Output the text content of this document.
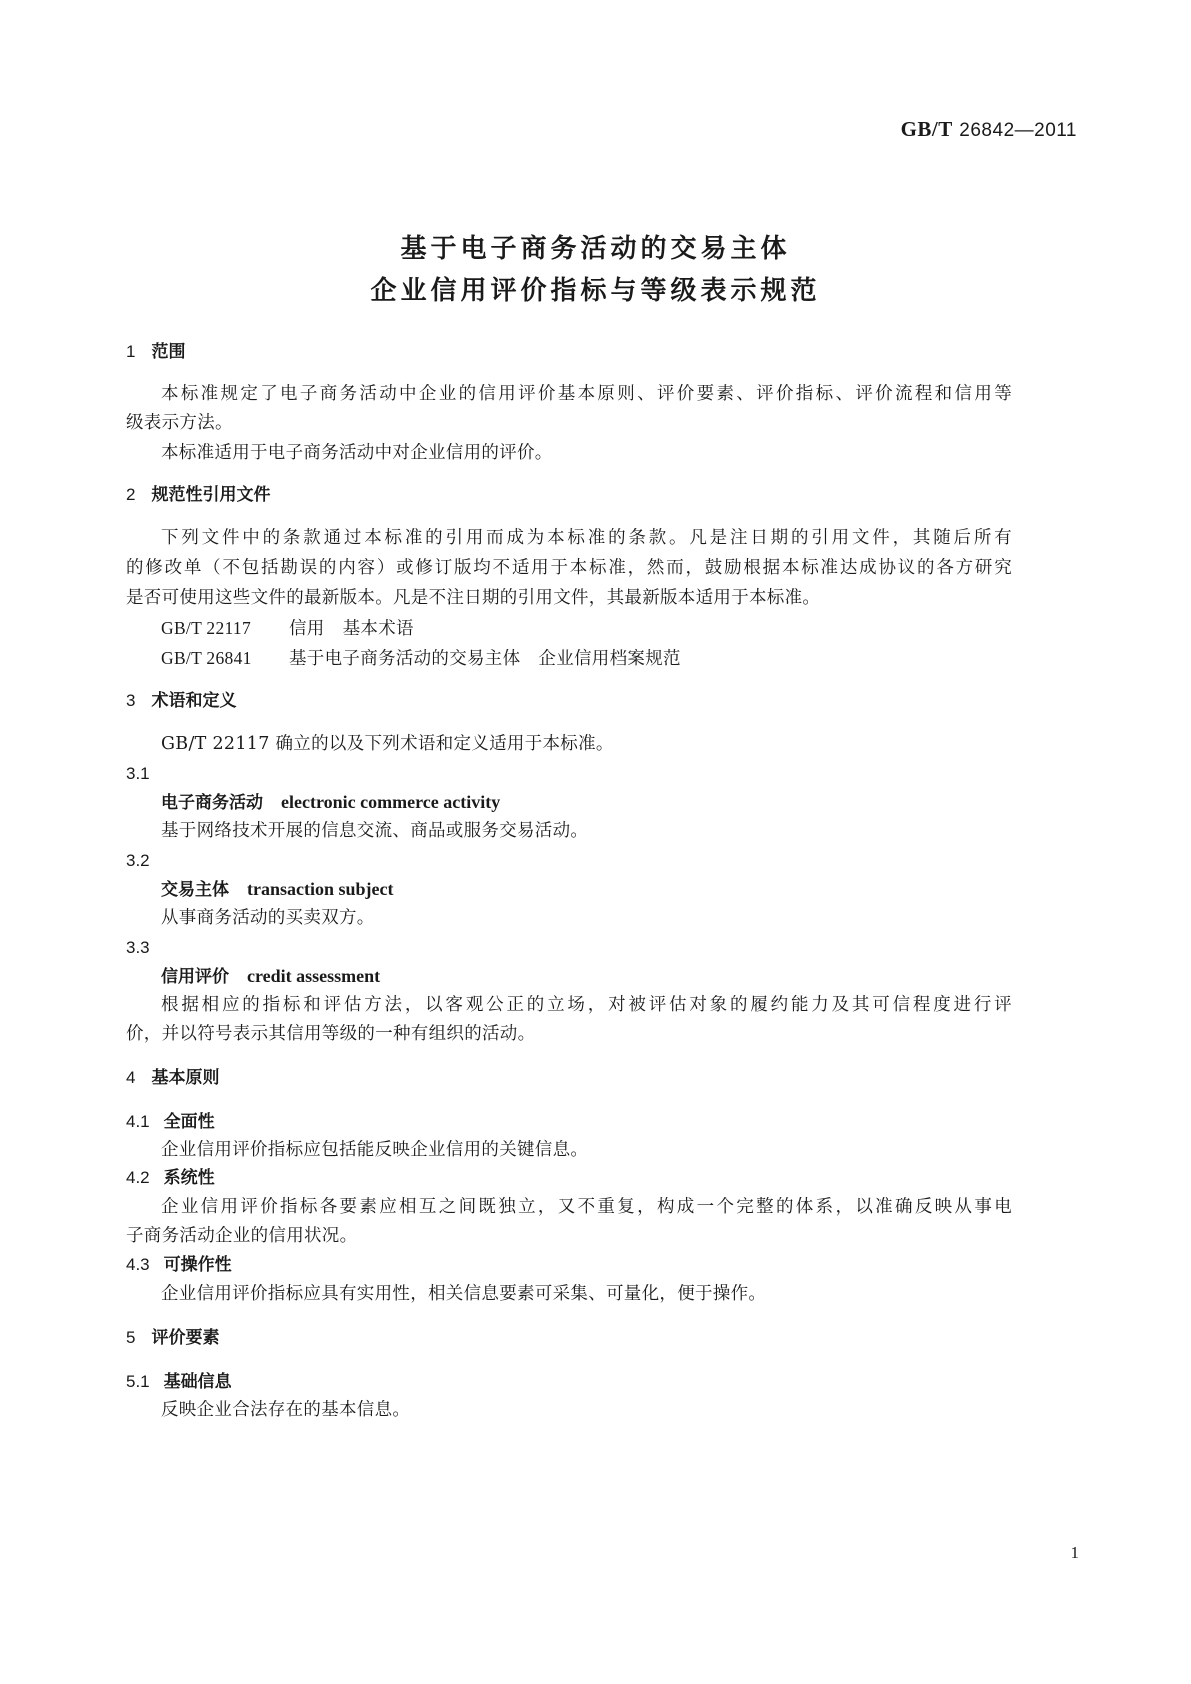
GB/T 26842—2011
基于电子商务活动的交易主体
企业信用评价指标与等级表示规范
1 范围
本标准规定了电子商务活动中企业的信用评价基本原则、评价要素、评价指标、评价流程和信用等
级表示方法。
本标准适用于电子商务活动中对企业信用的评价。
2 规范性引用文件
下列文件中的条款通过本标准的引用而成为本标准的条款。凡是注日期的引用文件，其随后所有
的修改单（不包括勘误的内容）或修订版均不适用于本标准，然而，鼓励根据本标准达成协议的各方研究
是否可使用这些文件的最新版本。凡是不注日期的引用文件，其最新版本适用于本标准。
GB/T 22117 信用 基本术语
GB/T 26841 基于电子商务活动的交易主体 企业信用档案规范
3 术语和定义
GB/T 22117 确立的以及下列术语和定义适用于本标准。
3.1
电子商务活动 electronic commerce activity
基于网络技术开展的信息交流、商品或服务交易活动。
3.2
交易主体 transaction subject
从事商务活动的买卖双方。
3.3
信用评价 credit assessment
根据相应的指标和评估方法，以客观公正的立场，对被评估对象的履约能力及其可信程度进行评
价，并以符号表示其信用等级的一种有组织的活动。
4 基本原则
4.1 全面性
企业信用评价指标应包括能反映企业信用的关键信息。
4.2 系统性
企业信用评价指标各要素应相互之间既独立，又不重复，构成一个完整的体系，以准确反映从事电
子商务活动企业的信用状况。
4.3 可操作性
企业信用评价指标应具有实用性，相关信息要素可采集、可量化，便于操作。
5 评价要素
5.1 基础信息
反映企业合法存在的基本信息。
1
